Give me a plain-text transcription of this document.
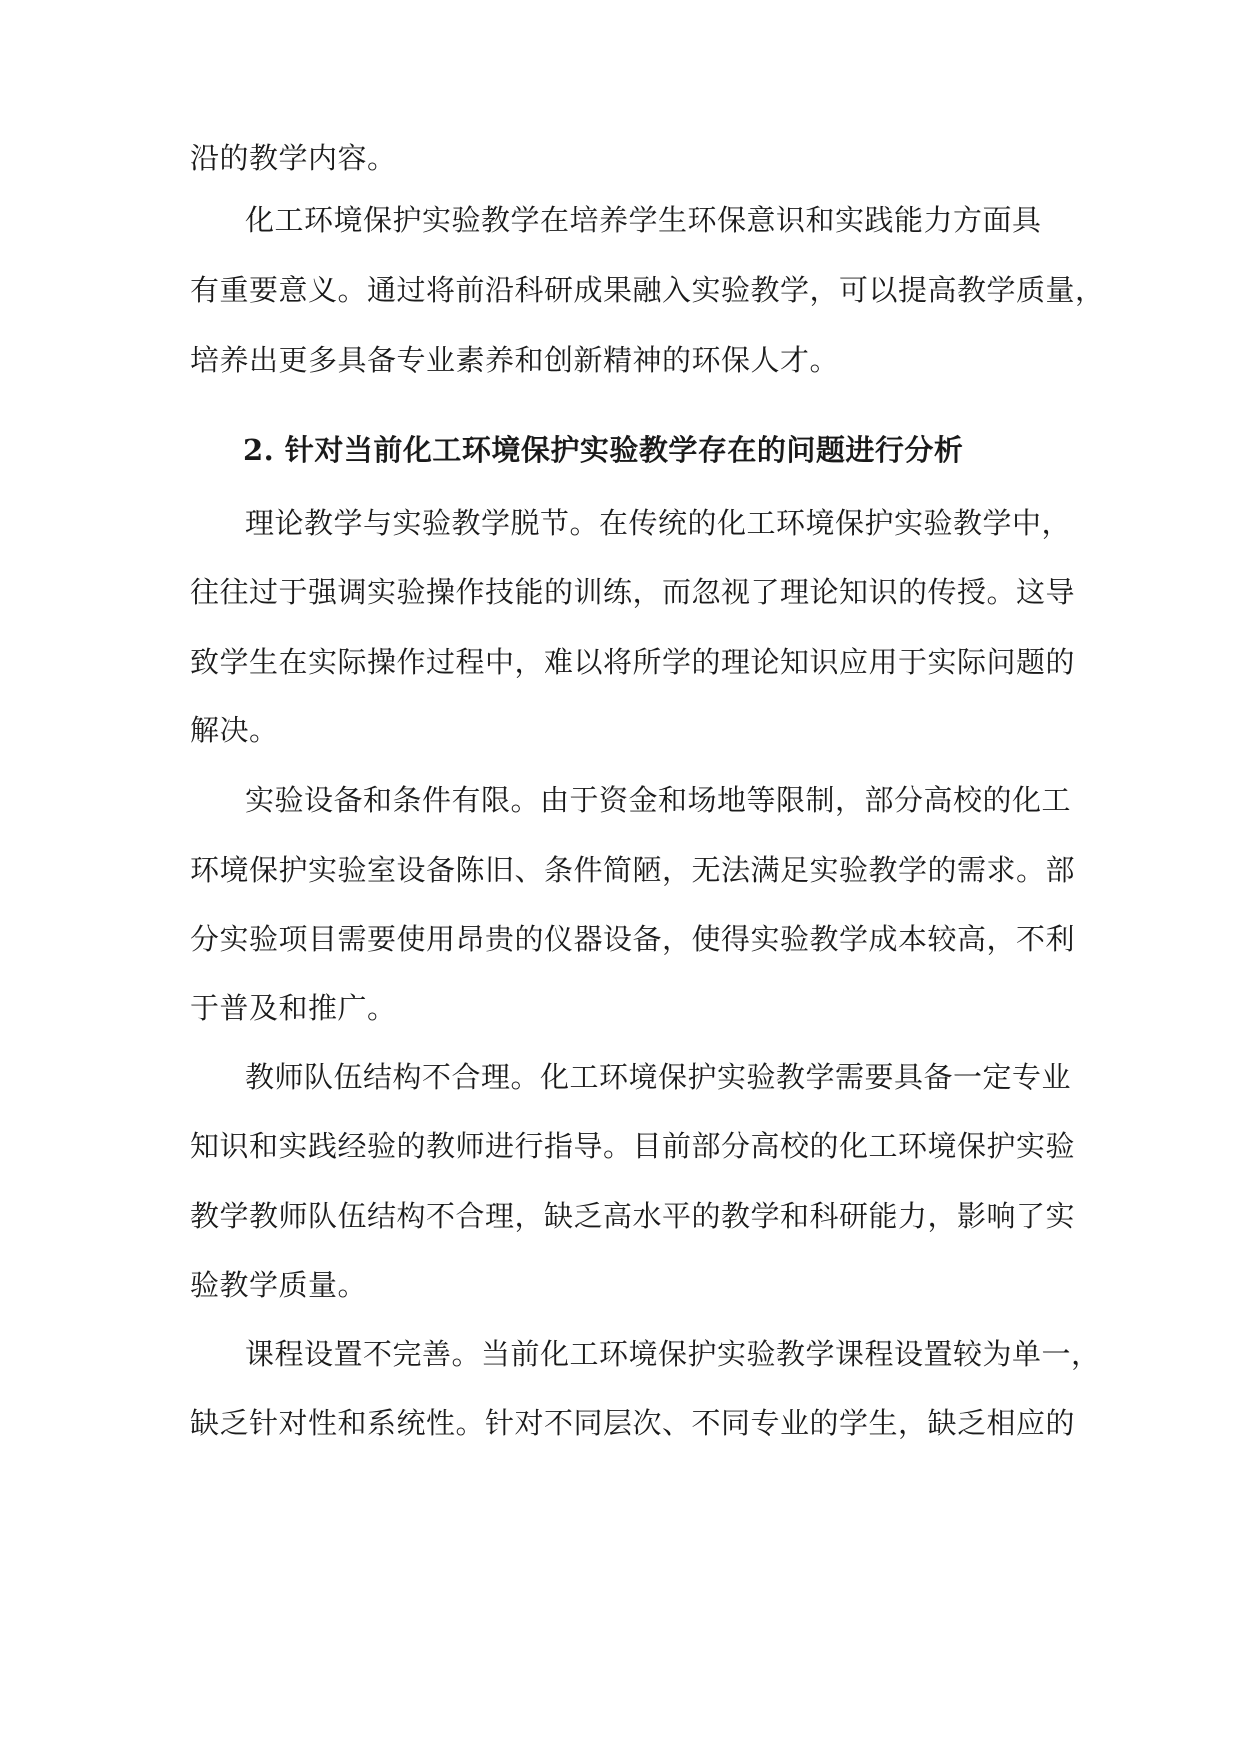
沿的教学内容。
化工环境保护实验教学在培养学生环保意识和实践能力方面具
有重要意义。通过将前沿科研成果融入实验教学，可以提高教学质量，
培养出更多具备专业素养和创新精神的环保人才。
2. 针对当前化工环境保护实验教学存在的问题进行分析
理论教学与实验教学脱节。在传统的化工环境保护实验教学中，
往往过于强调实验操作技能的训练，而忽视了理论知识的传授。这导
致学生在实际操作过程中，难以将所学的理论知识应用于实际问题的
解决。
实验设备和条件有限。由于资金和场地等限制，部分高校的化工
环境保护实验室设备陈旧、条件简陋，无法满足实验教学的需求。部
分实验项目需要使用昂贵的仪器设备，使得实验教学成本较高，不利
于普及和推广。
教师队伍结构不合理。化工环境保护实验教学需要具备一定专业
知识和实践经验的教师进行指导。目前部分高校的化工环境保护实验
教学教师队伍结构不合理，缺乏高水平的教学和科研能力，影响了实
验教学质量。
课程设置不完善。当前化工环境保护实验教学课程设置较为单一，
缺乏针对性和系统性。针对不同层次、不同专业的学生，缺乏相应的
